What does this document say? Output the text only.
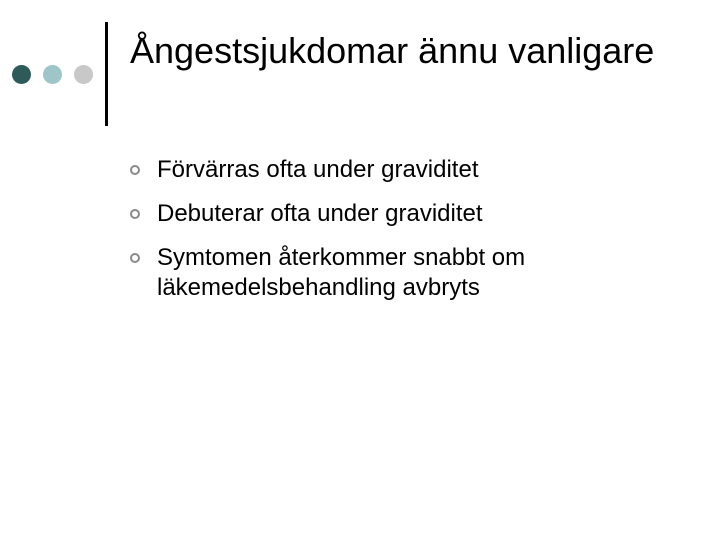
Ångestsjukdomar ännu vanligare
Förvärras ofta under graviditet
Debuterar ofta under graviditet
Symtomen återkommer snabbt om läkemedelsbehandling avbryts
